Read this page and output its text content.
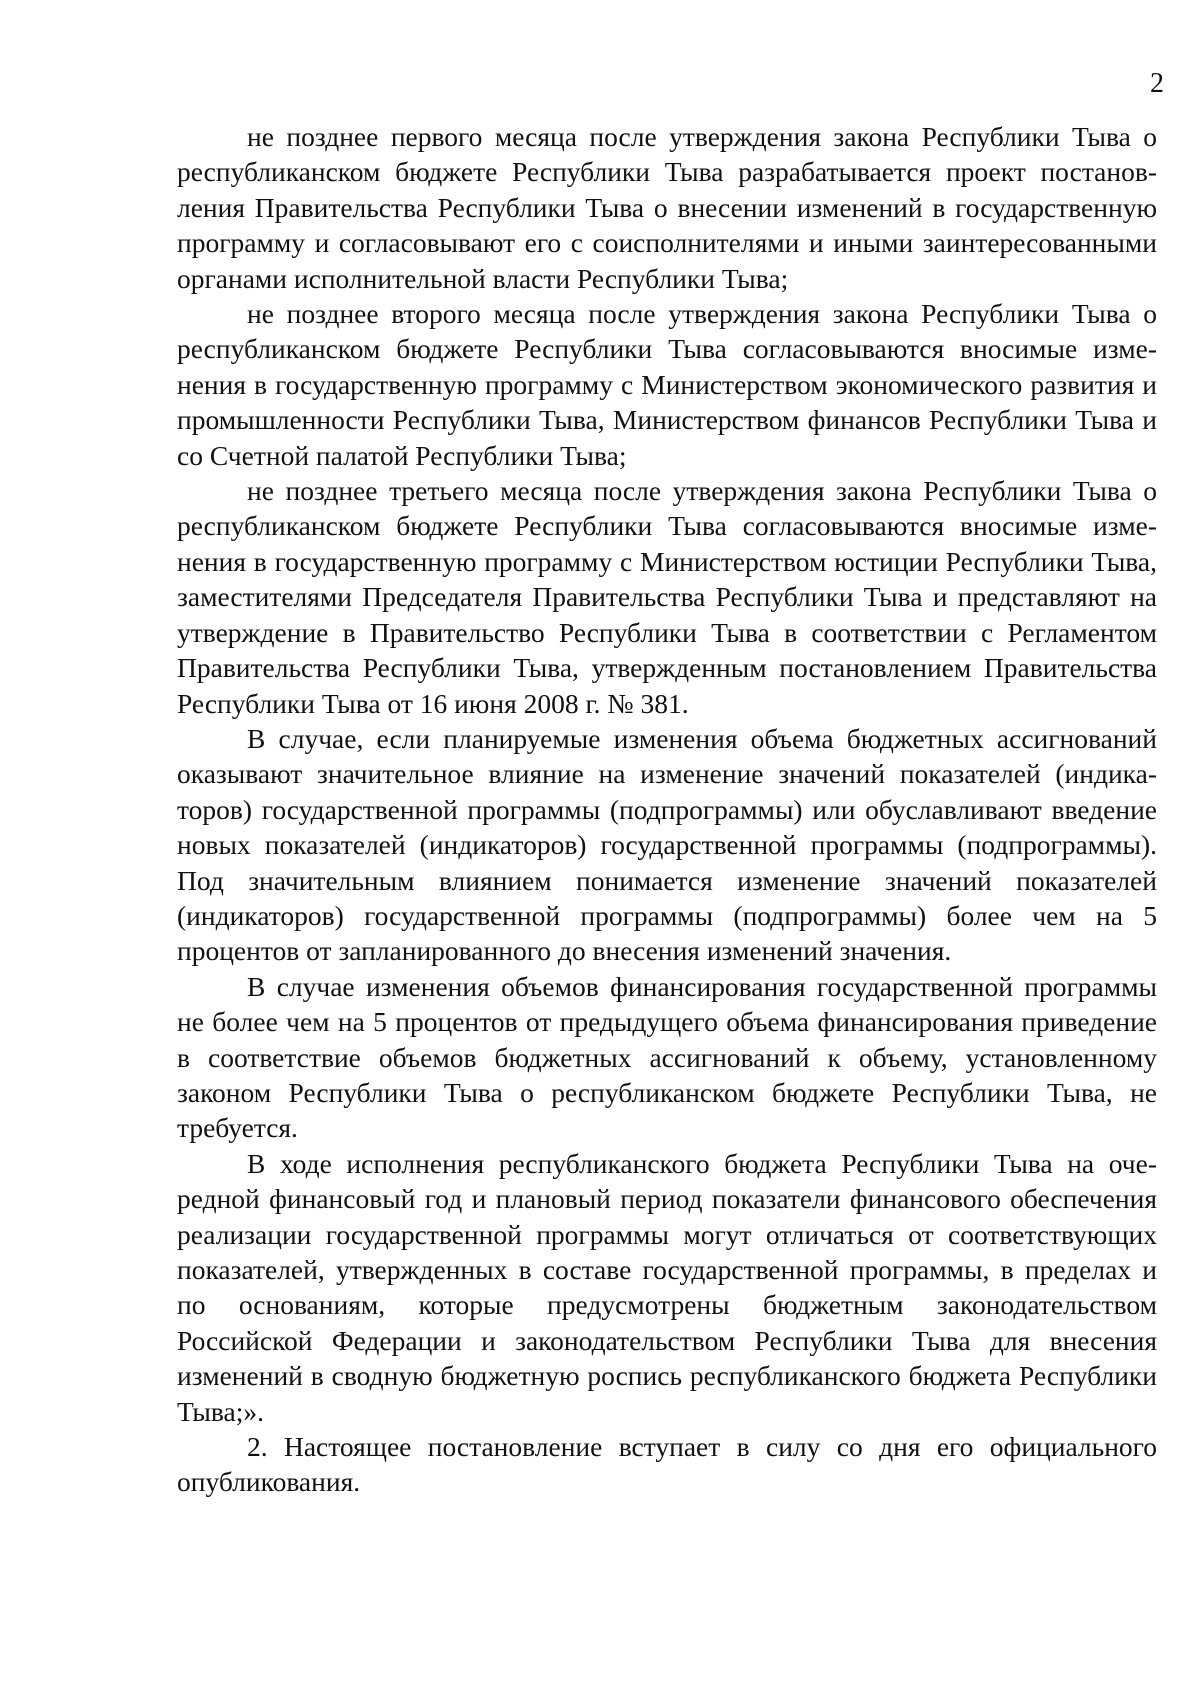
2

не позднее первого месяца после утверждения закона Республики Тыва о республиканском бюджете Республики Тыва разрабатывается проект постановления Правительства Республики Тыва о внесении изменений в государственную программу и согласовывают его с соисполнителями и иными заинтересованными органами исполнительной власти Республики Тыва;

не позднее второго месяца после утверждения закона Республики Тыва о республиканском бюджете Республики Тыва согласовываются вносимые изменения в государственную программу с Министерством экономического развития и промышленности Республики Тыва, Министерством финансов Республики Тыва и со Счетной палатой Республики Тыва;

не позднее третьего месяца после утверждения закона Республики Тыва о республиканском бюджете Республики Тыва согласовываются вносимые изменения в государственную программу с Министерством юстиции Республики Тыва, заместителями Председателя Правительства Республики Тыва и представляют на утверждение в Правительство Республики Тыва в соответствии с Регламентом Правительства Республики Тыва, утвержденным постановлением Правительства Республики Тыва от 16 июня 2008 г. № 381.

В случае, если планируемые изменения объема бюджетных ассигнований оказывают значительное влияние на изменение значений показателей (индикаторов) государственной программы (подпрограммы) или обуславливают введение новых показателей (индикаторов) государственной программы (подпрограммы). Под значительным влиянием понимается изменение значений показателей (индикаторов) государственной программы (подпрограммы) более чем на 5 процентов от запланированного до внесения изменений значения.

В случае изменения объемов финансирования государственной программы не более чем на 5 процентов от предыдущего объема финансирования приведение в соответствие объемов бюджетных ассигнований к объему, установленному законом Республики Тыва о республиканском бюджете Республики Тыва, не требуется.

В ходе исполнения республиканского бюджета Республики Тыва на очередной финансовый год и плановый период показатели финансового обеспечения реализации государственной программы могут отличаться от соответствующих показателей, утвержденных в составе государственной программы, в пределах и по основаниям, которые предусмотрены бюджетным законодательством Российской Федерации и законодательством Республики Тыва для внесения изменений в сводную бюджетную роспись республиканского бюджета Республики Тыва;».

2. Настоящее постановление вступает в силу со дня его официального опубликования.
